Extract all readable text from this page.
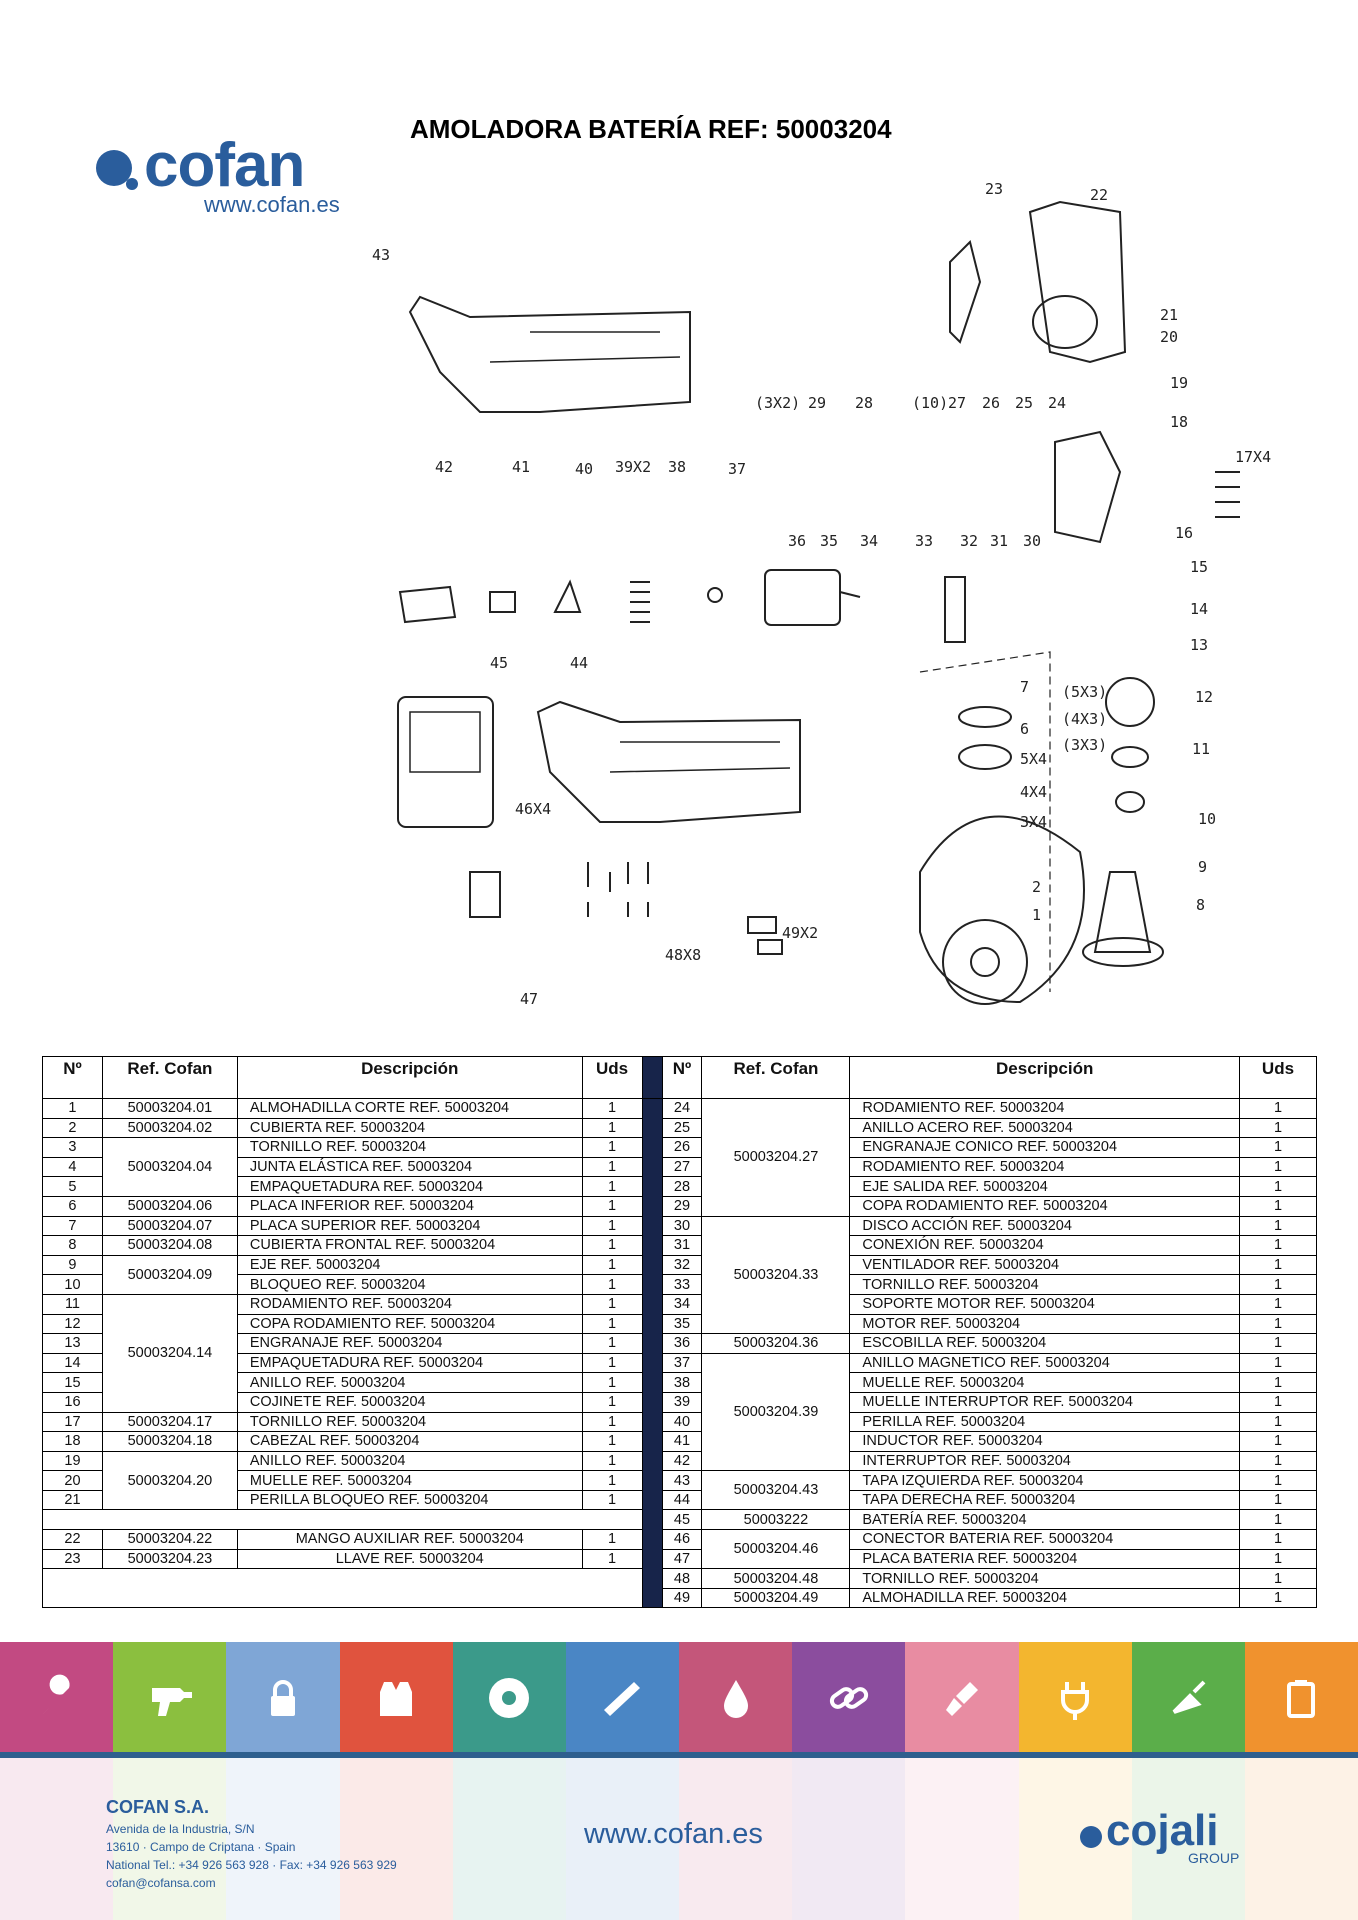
cofan
www.cofan.es
AMOLADORA BATERÍA REF: 50003204
23	22
21
20
19
18
17X4
43
(3X2) 29 28	(10) 27 26 25 24
42	41	40 39X2 38	37
36 35 34 33 32 31 30	16
15
14
13
45	44
7
6
5X4
4X4
3X4
(5X3)
(4X3)
(3X3)
12
11
46X4
10
9
2
1
8
49X2
48X8
47
Nº	Ref. Cofan	Descripción	Uds		Nº	Ref. Cofan	Descripción	Uds
1	50003204.01	ALMOHADILLA CORTE REF. 50003204	1		24	50003204.27	RODAMIENTO REF. 50003204	1
2	50003204.02	CUBIERTA REF. 50003204	1		25		ANILLO ACERO REF. 50003204	1
3	50003204.04	TORNILLO REF. 50003204	1		26		ENGRANAJE CONICO REF. 50003204	1
4		JUNTA ELÁSTICA REF. 50003204	1		27		RODAMIENTO REF. 50003204	1
5		EMPAQUETADURA REF. 50003204	1		28		EJE SALIDA REF. 50003204	1
6	50003204.06	PLACA INFERIOR REF. 50003204	1		29		COPA RODAMIENTO REF. 50003204	1
7	50003204.07	PLACA SUPERIOR REF. 50003204	1		30	50003204.33	DISCO ACCIÓN REF. 50003204	1
8	50003204.08	CUBIERTA FRONTAL REF. 50003204	1		31		CONEXIÓN REF. 50003204	1
9	50003204.09	EJE REF. 50003204	1		32		VENTILADOR REF. 50003204	1
10		BLOQUEO REF. 50003204	1		33		TORNILLO REF. 50003204	1
11	50003204.14	RODAMIENTO REF. 50003204	1		34		SOPORTE MOTOR REF. 50003204	1
12		COPA RODAMIENTO REF. 50003204	1		35		MOTOR REF. 50003204	1
13		ENGRANAJE REF. 50003204	1		36	50003204.36	ESCOBILLA REF. 50003204	1
14		EMPAQUETADURA REF. 50003204	1		37	50003204.39	ANILLO MAGNETICO REF. 50003204	1
15		ANILLO REF. 50003204	1		38		MUELLE REF. 50003204	1
16		COJINETE REF. 50003204	1		39		MUELLE INTERRUPTOR REF. 50003204	1
17	50003204.17	TORNILLO REF. 50003204	1		40		PERILLA REF. 50003204	1
18	50003204.18	CABEZAL REF. 50003204	1		41		INDUCTOR REF. 50003204	1
19	50003204.20	ANILLO REF. 50003204	1		42		INTERRUPTOR REF. 50003204	1
20		MUELLE REF. 50003204	1		43	50003204.43	TAPA IZQUIERDA REF. 50003204	1
21		PERILLA BLOQUEO REF. 50003204	1		44		TAPA DERECHA REF. 50003204	1
					45	50003222	BATERÍA REF. 50003204	1
22	50003204.22	MANGO AUXILIAR REF. 50003204	1		46	50003204.46	CONECTOR BATERIA REF. 50003204	1
23	50003204.23	LLAVE REF. 50003204	1		47		PLACA BATERIA REF. 50003204	1
					48	50003204.48	TORNILLO REF. 50003204	1
					49	50003204.49	ALMOHADILLA REF. 50003204	1
COFAN S.A.
Avenida de la Industria, S/N
13610 · Campo de Criptana · Spain
National Tel.: +34 926 563 928 · Fax: +34 926 563 929
cofan@cofansa.com
www.cofan.es	cojali
GROUP
